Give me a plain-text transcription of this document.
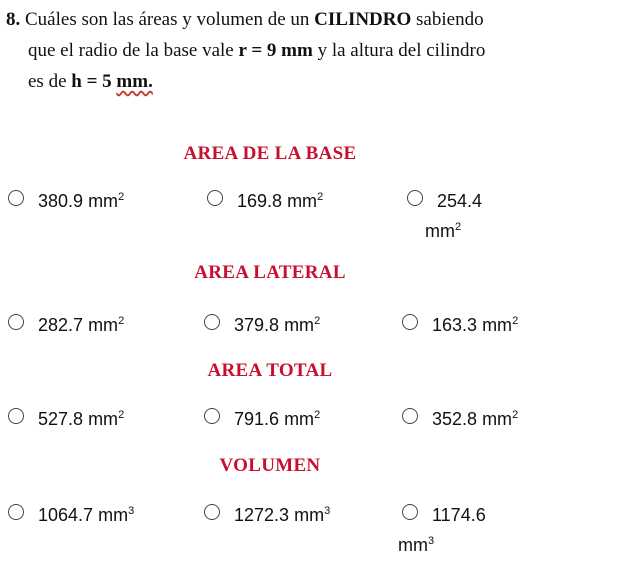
8. Cuáles son las áreas y volumen de un CILINDRO sabiendo
que el radio de la base vale r = 9 mm y la altura del cilindro
es de h = 5 mm.
AREA DE LA BASE
380.9 $mm^2$	169.8 $mm^2$	254.4
$mm^2$
AREA LATERAL
282.7 $mm^2$	379.8 $mm^2$	163.3 $mm^2$
AREA TOTAL
527.8 $mm^2$	791.6 $mm^2$	352.8 $mm^2$
VOLUMEN
1064.7 $mm^3$	1272.3 $mm^3$	1174.6
$mm^3$
